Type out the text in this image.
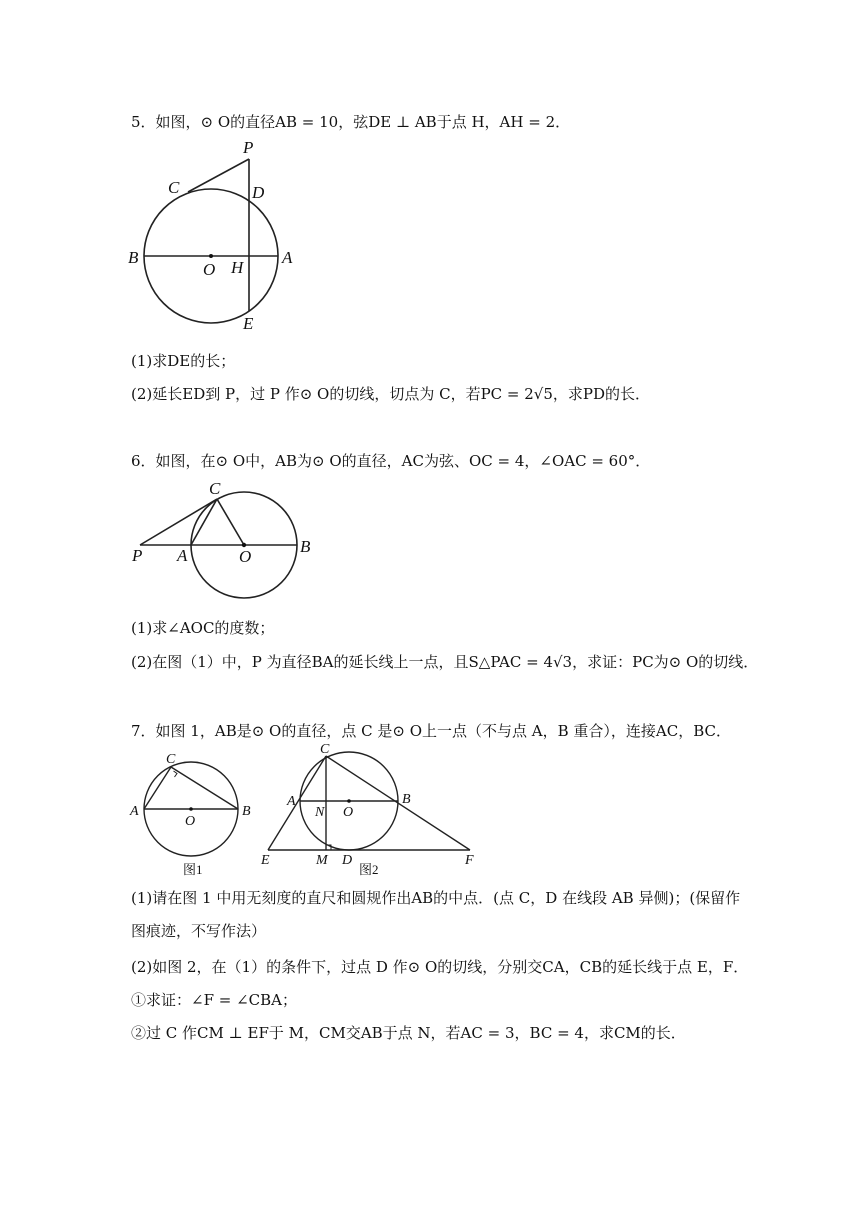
5．如图，⊙ O的直径AB = 10，弦DE ⊥ AB于点 H，AH = 2．
P
C	D
B
O H
A
E
(1)求DE的长；
(2)延长ED到 P，过 P 作⊙ O的切线，切点为 C，若PC = 2√5，求PD的长．
6．如图，在⊙ O中，AB为⊙ O的直径，AC为弦、OC = 4，∠OAC = 60°．
C
P A	O
B
(1)求∠AOC的度数；
(2)在图（1）中，P 为直径BA的延长线上一点，且S△PAC = 4√3，求证：PC为⊙ O的切线．
7．如图 1，AB是⊙ O的直径，点 C 是⊙ O上一点（不与点 A，B 重合），连接AC，BC．
C
A
O
B
图1
C
A
N O
B
E	M D	F
图2
(1)请在图 1 中用无刻度的直尺和圆规作出AB的中点．(点 C，D 在线段 AB 异侧)；(保留作
图痕迹，不写作法）
(2)如图 2，在（1）的条件下，过点 D 作⊙ O的切线，分别交CA，CB的延长线于点 E，F．
①求证：∠F = ∠CBA；
②过 C 作CM ⊥ EF于 M，CM交AB于点 N，若AC = 3，BC = 4，求CM的长．
